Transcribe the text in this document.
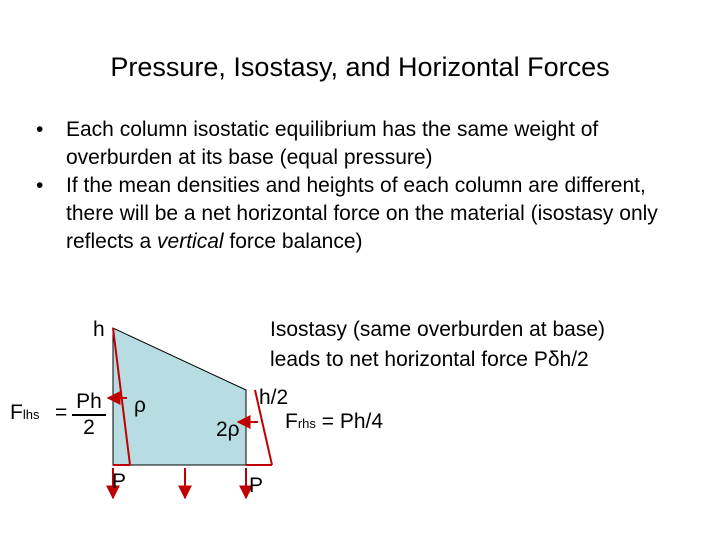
Pressure, Isostasy, and Horizontal Forces
• Each column isostatic equilibrium has the same weight of overburden at its base (equal pressure)
• If the mean densities and heights of each column are different, there will be a net horizontal force on the material (isostasy only reflects a vertical force balance)
h
h/2
ρ
2ρ
P	P
Isostasy (same overburden at base)
leads to net horizontal force Pδh/2
Flhs = Ph
2	Frhs = Ph/4
